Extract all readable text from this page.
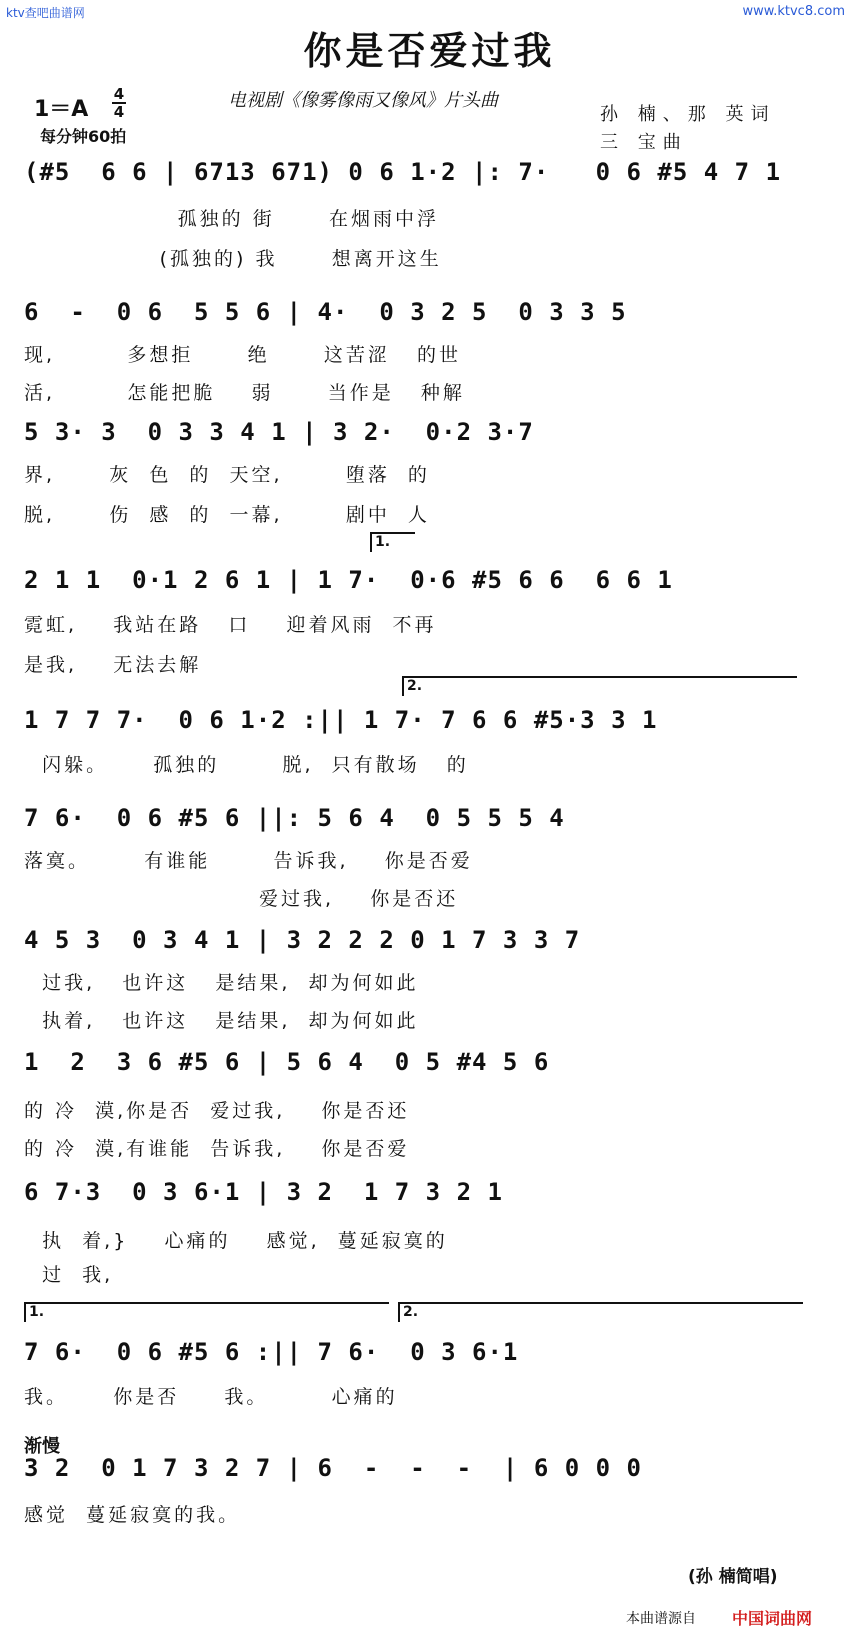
ktv查吧曲谱网	www.ktvc8.com
你是否爱过我
电视剧《像雾像雨又像风》片头曲
1＝A
4
4
每分钟60拍
孙 楠、那 英词
三 宝曲
(#5  6 6 | 6713 671) 0 6 1·2 |: 7·   0 6 #5 4 7 1
孤独的 街      在烟雨中浮
(孤独的) 我      想离开这生
6  -  0 6  5 5 6 | 4·  0 3 2 5  0 3 3 5
现,        多想拒      绝      这苦涩   的世
活,        怎能把脆    弱      当作是   种解
5 3· 3  0 3 3 4 1 | 3 2·  0·2 3·7
界,      灰  色  的  天空,       堕落  的
脱,      伤  感  的  一幕,       剧中  人
2 1 1  0·1 2 6 1 | 1 7·  0·6 #5 6 6  6 6 1
霓虹,    我站在路   口    迎着风雨  不再
是我,    无法去解
1.
1 7 7 7·  0 6 1·2 :|| 1 7· 7 6 6 #5·3 3 1
闪躲。     孤独的       脱,  只有散场   的
2.
7 6·  0 6 #5 6 ||: 5 6 4  0 5 5 5 4
落寞。      有谁能       告诉我,    你是否爱
爱过我,    你是否还
4 5 3  0 3 4 1 | 3 2 2 2 0 1 7 3 3 7
过我,   也许这   是结果,  却为何如此
执着,   也许这   是结果,  却为何如此
1  2  3 6 #5 6 | 5 6 4  0 5 #4 5 6
的 冷  漠,你是否  爱过我,    你是否还
的 冷  漠,有谁能  告诉我,    你是否爱
6 7·3  0 3 6·1 | 3 2  1 7 3 2 1
执  着,}    心痛的    感觉,  蔓延寂寞的
过  我,
1.	2.
7 6·  0 6 #5 6 :|| 7 6·  0 3 6·1
我。     你是否     我。       心痛的
渐慢
3 2  0 1 7 3 2 7 | 6  -  -  -  | 6 0 0 0
感觉  蔓延寂寞的我。
(孙 楠简唱)
本曲谱源自 中国词曲网
